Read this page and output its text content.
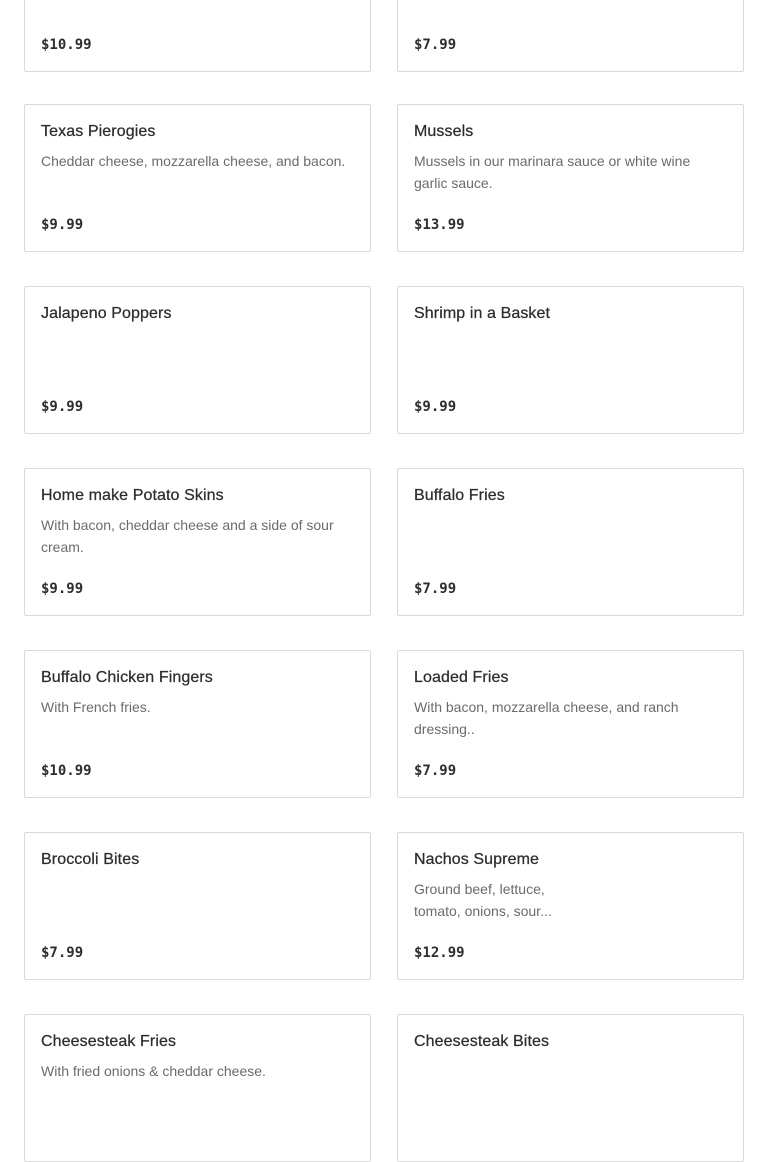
$10.99	$7.99
Texas Pierogies
Cheddar cheese, mozzarella cheese, and bacon.
$9.99
Mussels
Mussels in our marinara sauce or white wine garlic sauce.
$13.99
Jalapeno Poppers
$9.99
Shrimp in a Basket
$9.99
Home make Potato Skins
With bacon, cheddar cheese and a side of sour cream.
$9.99
Buffalo Fries
$7.99
Buffalo Chicken Fingers
With French fries.
$10.99
Loaded Fries
With bacon, mozzarella cheese, and ranch dressing..
$7.99
Broccoli Bites
$7.99
Nachos Supreme
Ground beef, lettuce, tomato, onions, sour...
$12.99
Cheesesteak Fries
With fried onions & cheddar cheese.
Cheesesteak Bites
